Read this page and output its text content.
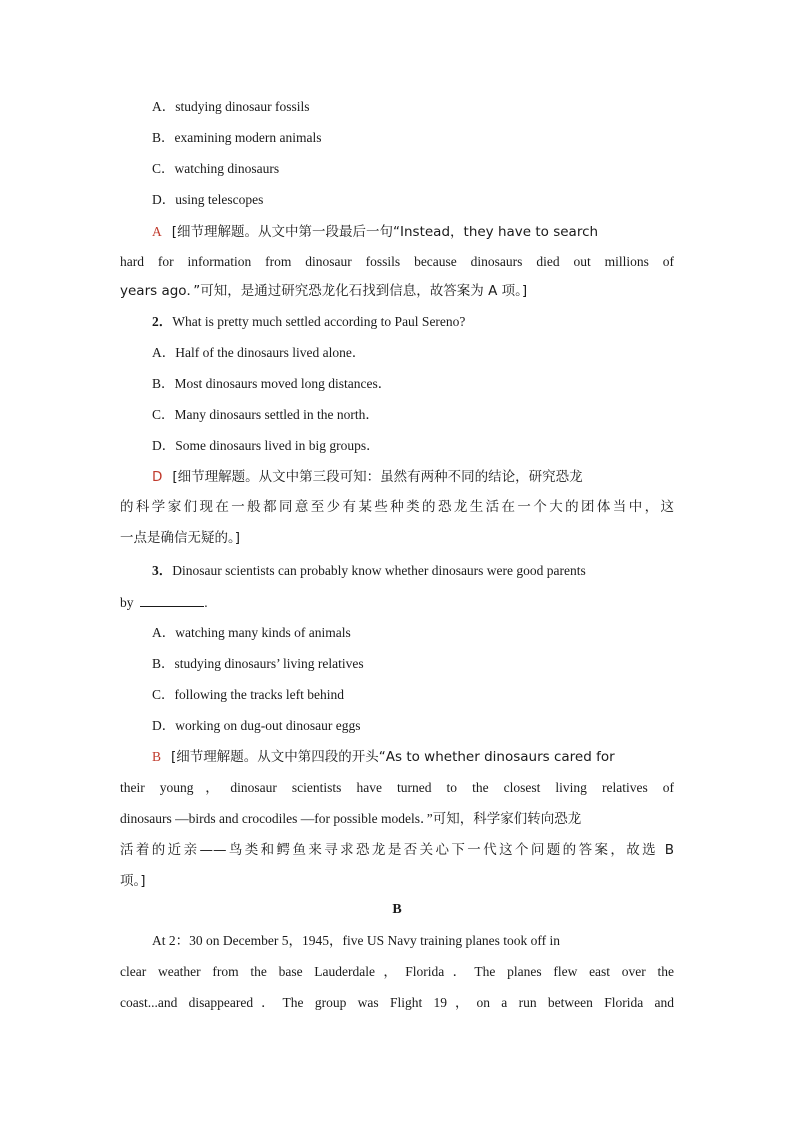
A．studying dinosaur fossils
B．examining modern animals
C．watching dinosaurs
D．using telescopes
A [细节理解题。从文中第一段最后一句“Instead，they have to search
hard for information from dinosaur fossils because dinosaurs died out millions of
years ago．”可知，是通过研究恐龙化石找到信息，故答案为 A 项。]
2．What is pretty much settled according to Paul Sereno?
A．Half of the dinosaurs lived alone．
B．Most dinosaurs moved long distances．
C．Many dinosaurs settled in the north．
D．Some dinosaurs lived in big groups．
D [细节理解题。从文中第三段可知：虽然有两种不同的结论，研究恐龙
的科学家们现在一般都同意至少有某些种类的恐龙生活在一个大的团体当中，这
一点是确信无疑的。]
3．Dinosaur scientists can probably know whether dinosaurs were good parents
by	.
A．watching many kinds of animals
B．studying dinosaurs’ living relatives
C．following the tracks left behind
D．working on dug-out dinosaur eggs
B [细节理解题。从文中第四段的开头“As to whether dinosaurs cared for
their young，dinosaur scientists have turned to the closest living relatives of
dinosaurs —birds and crocodiles —for possible models．”可知，科学家们转向恐龙
活着的近亲——鸟类和鳄鱼来寻求恐龙是否关心下一代这个问题的答案，故选 B
项。]
B
At 2：30 on December 5，1945，five US Navy training planes took off in
clear weather from the base Lauderdale，Florida．The planes flew east over the
coast...and disappeared．The group was Flight 19，on a run between Florida and
